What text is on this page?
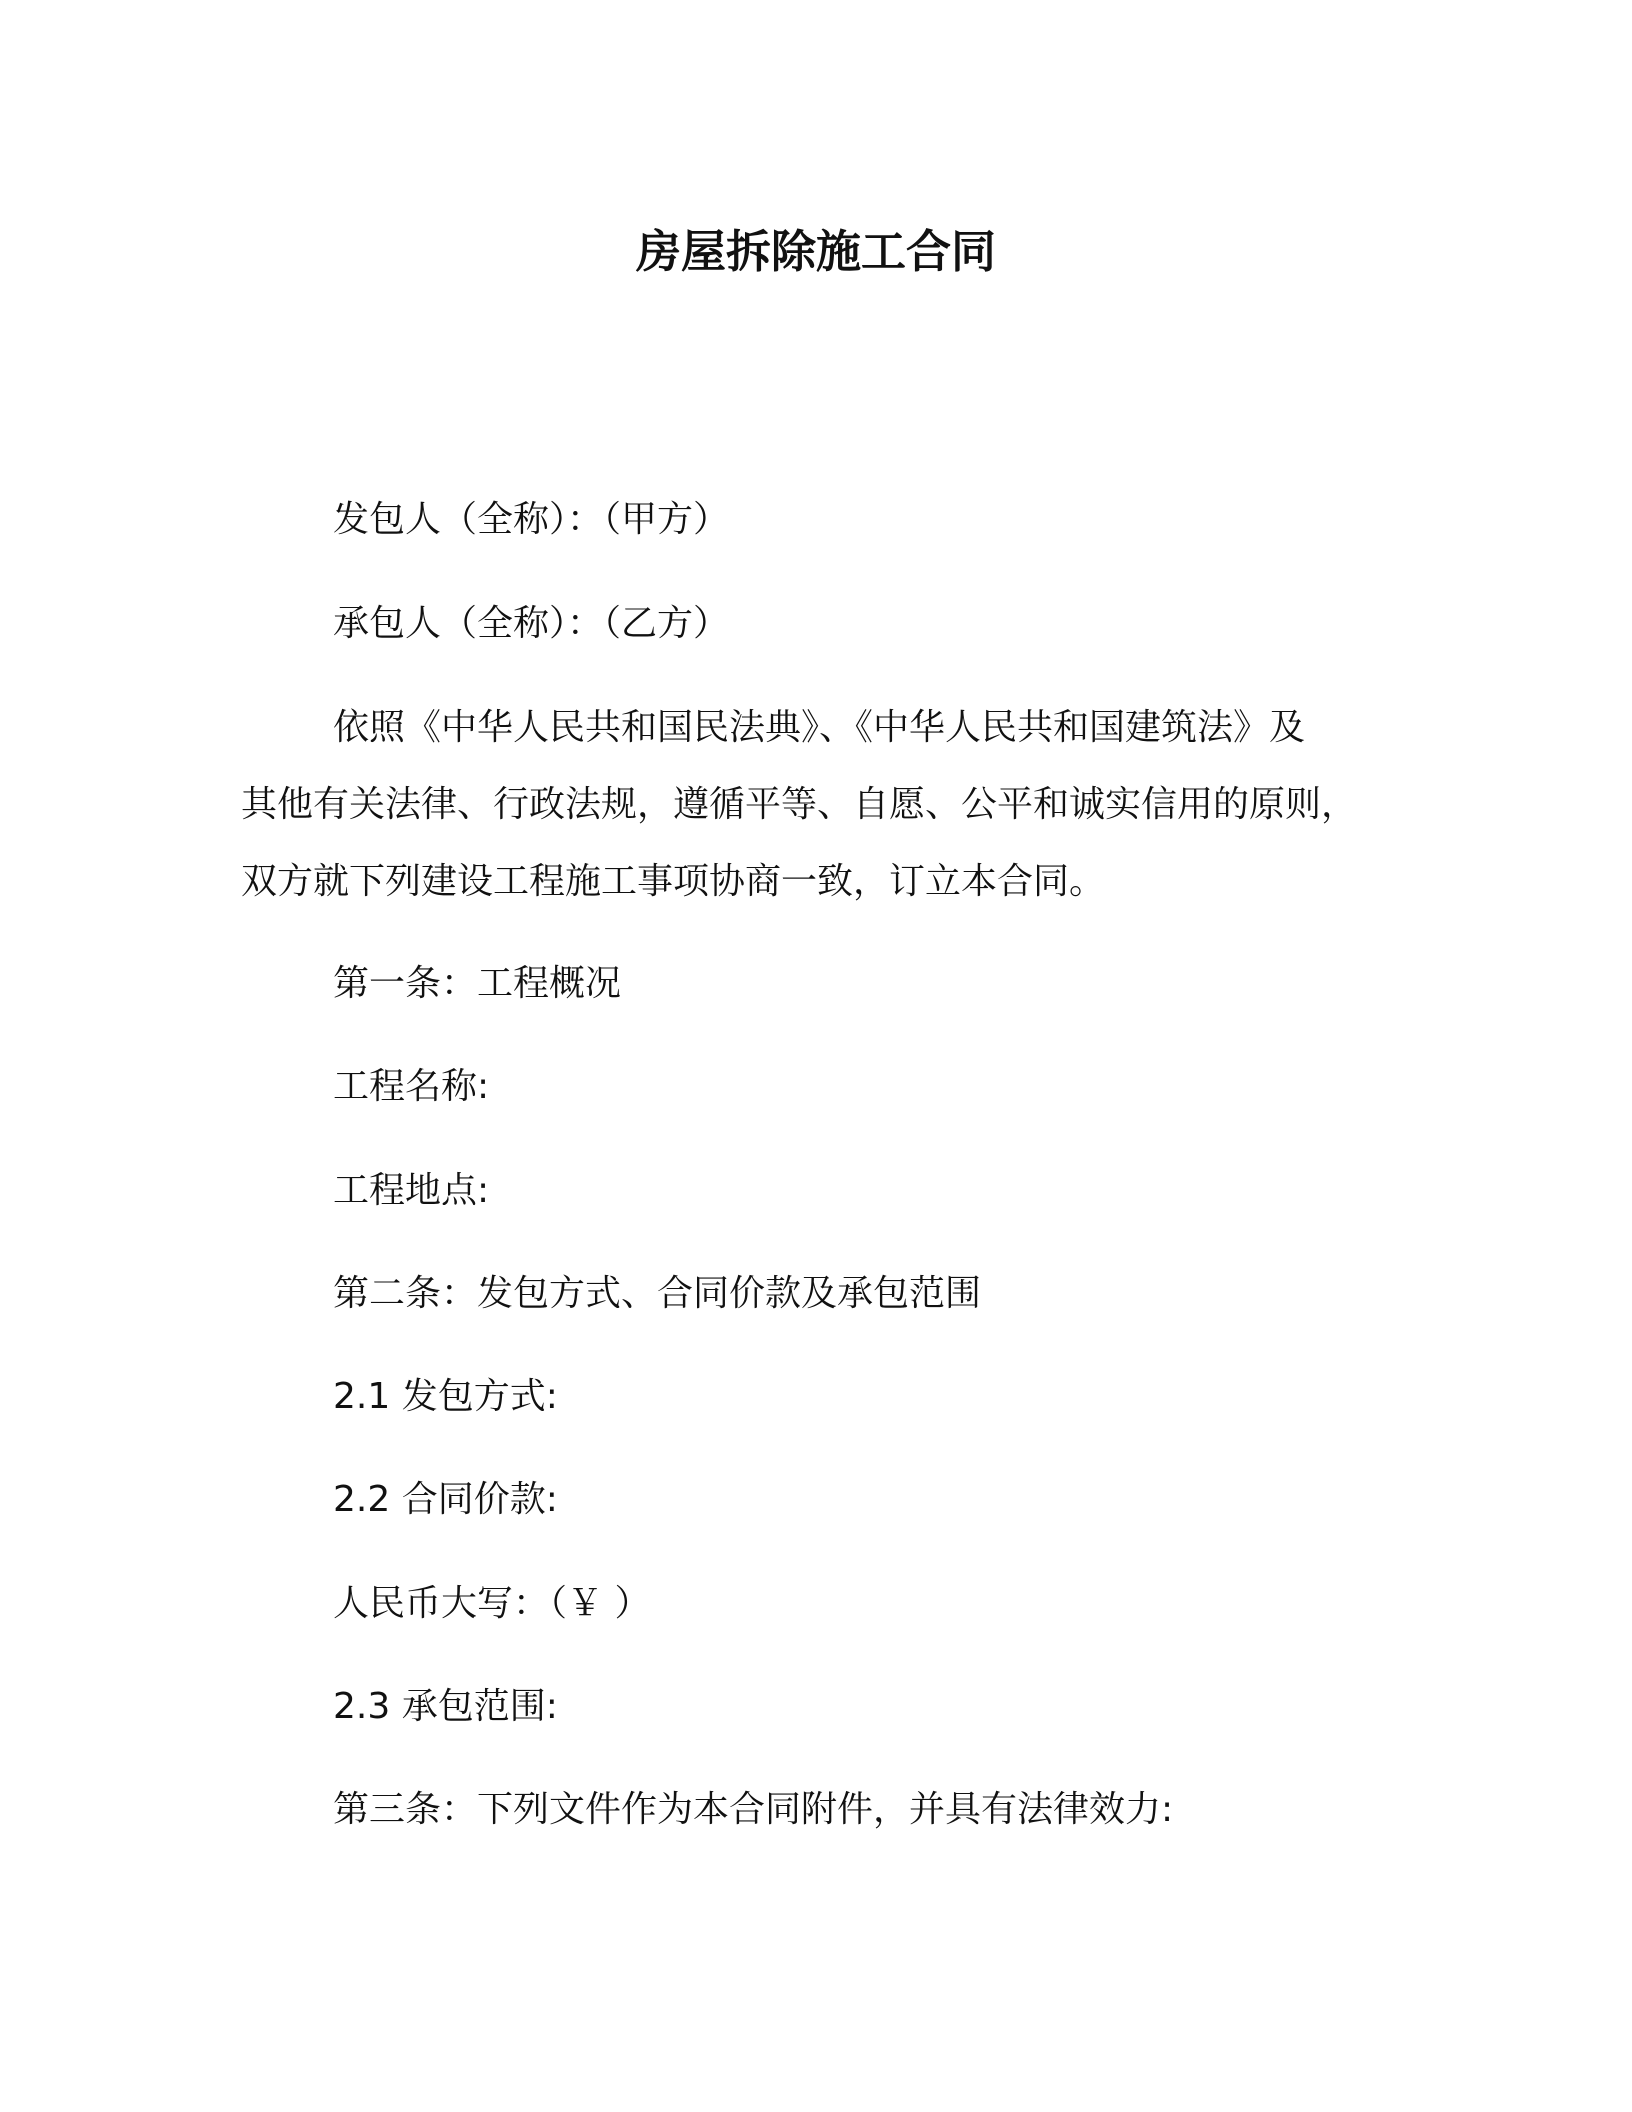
房屋拆除施工合同
发包人（全称）：（甲方）
承包人（全称）：（乙方）
依照《中华人民共和国民法典》、《中华人民共和国建筑法》及
其他有关法律、行政法规，遵循平等、自愿、公平和诚实信用的原则，
双方就下列建设工程施工事项协商一致，订立本合同。
第一条：工程概况
工程名称:
工程地点:
第二条：发包方式、合同价款及承包范围
2.1 发包方式:
2.2 合同价款:
人民币大写：（￥ ）
2.3 承包范围:
第三条：下列文件作为本合同附件，并具有法律效力:
